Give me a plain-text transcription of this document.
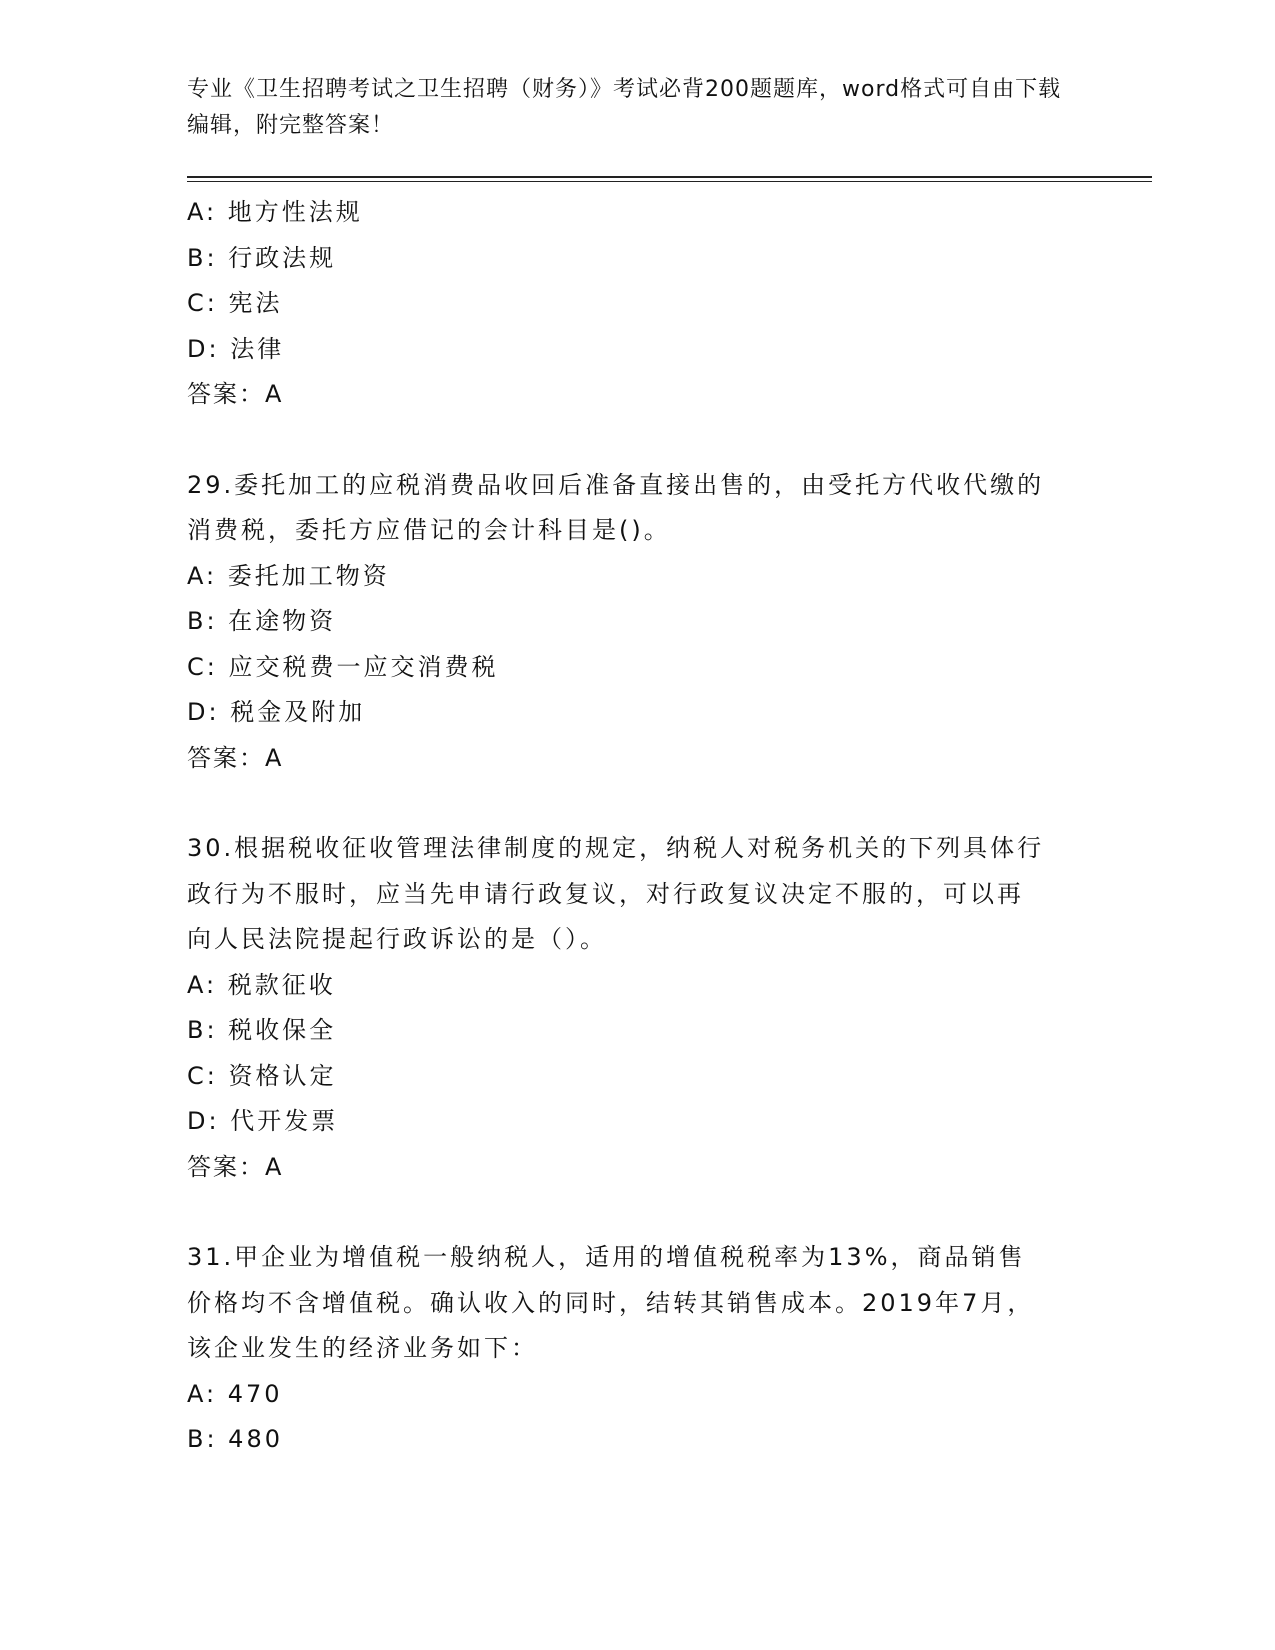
专业《卫生招聘考试之卫生招聘（财务）》考试必背200题题库，word格式可自由下载编辑，附完整答案！
A: 地方性法规
B: 行政法规
C: 宪法
D: 法律
答案：A
29.委托加工的应税消费品收回后准备直接出售的，由受托方代收代缴的消费税，委托方应借记的会计科目是()。
A: 委托加工物资
B: 在途物资
C: 应交税费一应交消费税
D: 税金及附加
答案：A
30.根据税收征收管理法律制度的规定，纳税人对税务机关的下列具体行政行为不服时，应当先申请行政复议，对行政复议决定不服的，可以再向人民法院提起行政诉讼的是（）。
A: 税款征收
B: 税收保全
C: 资格认定
D: 代开发票
答案：A
31.甲企业为增值税一般纳税人，适用的增值税税率为13%，商品销售价格均不含增值税。确认收入的同时，结转其销售成本。2019年7月，该企业发生的经济业务如下：
A: 470
B: 480
